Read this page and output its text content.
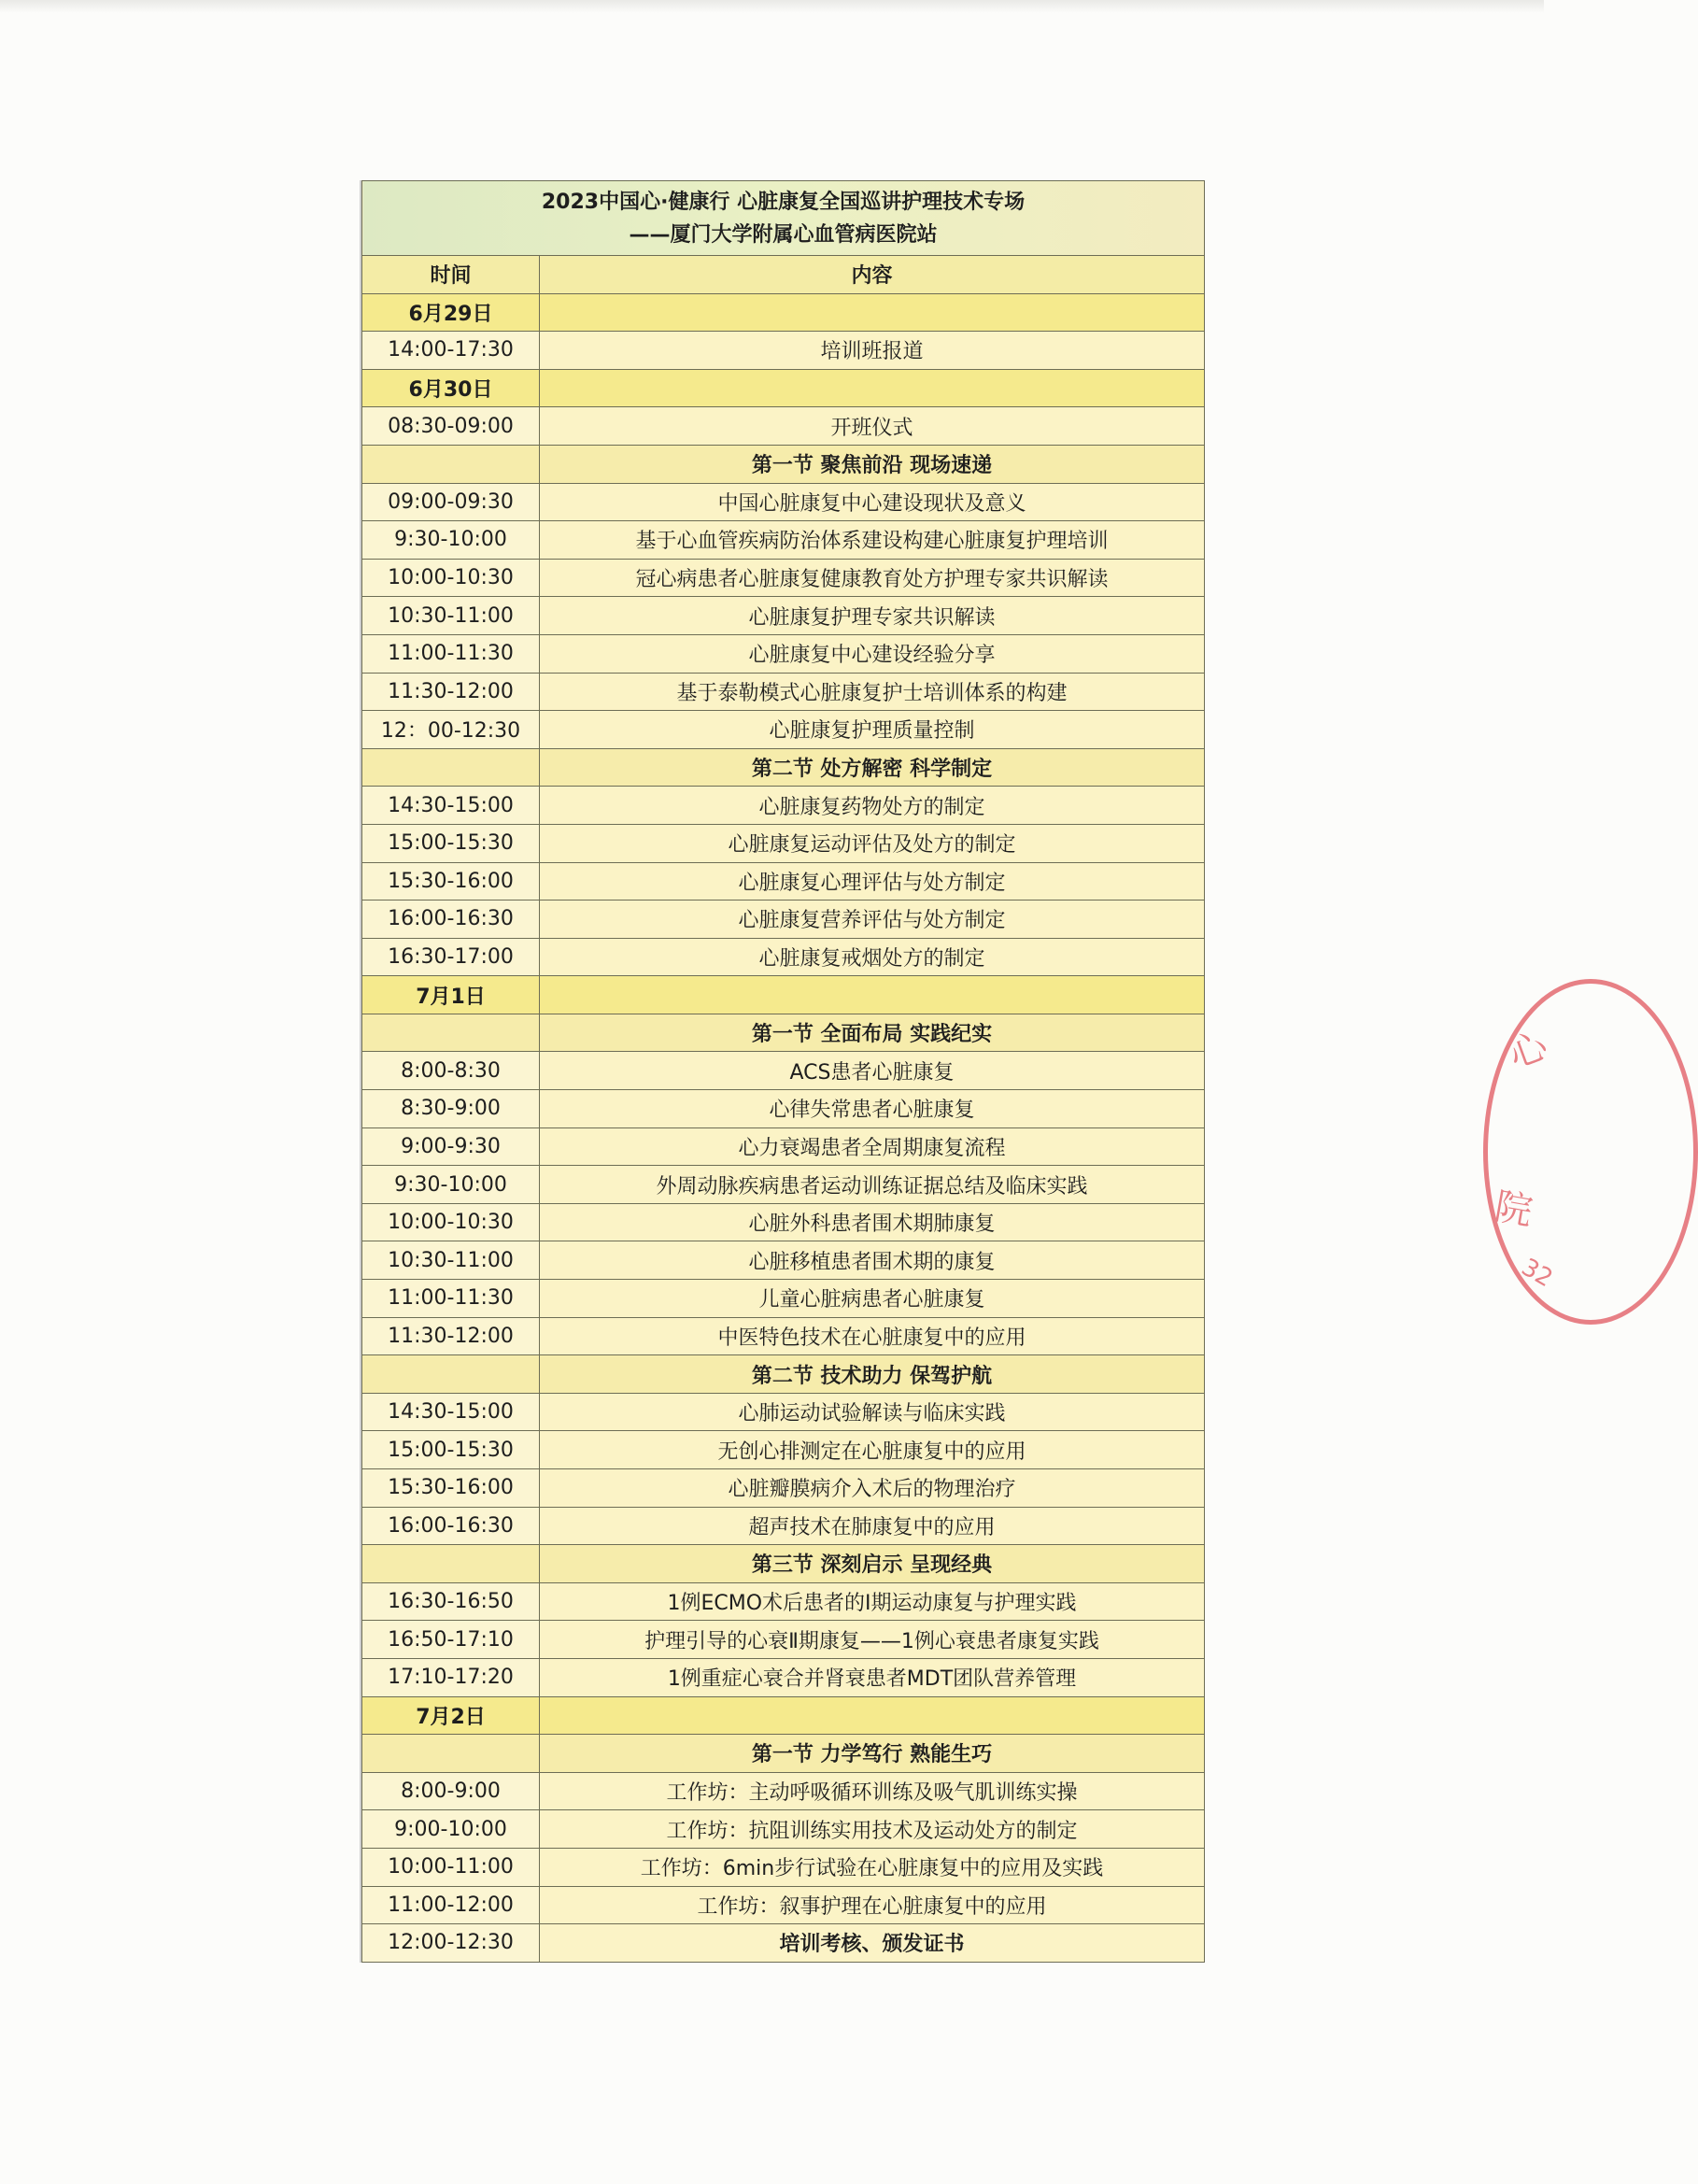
2023中国心·健康行 心脏康复全国巡讲护理技术专场
——厦门大学附属心血管病医院站	

时间	内容
6月29日	
14:00-17:30	培训班报道
6月30日	
08:30-09:00	开班仪式
	第一节 聚焦前沿 现场速递
09:00-09:30	中国心脏康复中心建设现状及意义
9:30-10:00	基于心血管疾病防治体系建设构建心脏康复护理培训
10:00-10:30	冠心病患者心脏康复健康教育处方护理专家共识解读
10:30-11:00	心脏康复护理专家共识解读
11:00-11:30	心脏康复中心建设经验分享
11:30-12:00	基于泰勒模式心脏康复护士培训体系的构建
12：00-12:30	心脏康复护理质量控制
	第二节 处方解密 科学制定
14:30-15:00	心脏康复药物处方的制定
15:00-15:30	心脏康复运动评估及处方的制定
15:30-16:00	心脏康复心理评估与处方制定
16:00-16:30	心脏康复营养评估与处方制定
16:30-17:00	心脏康复戒烟处方的制定
7月1日	
	第一节 全面布局 实践纪实
8:00-8:30	ACS患者心脏康复
8:30-9:00	心律失常患者心脏康复
9:00-9:30	心力衰竭患者全周期康复流程
9:30-10:00	外周动脉疾病患者运动训练证据总结及临床实践
10:00-10:30	心脏外科患者围术期肺康复
10:30-11:00	心脏移植患者围术期的康复
11:00-11:30	儿童心脏病患者心脏康复
11:30-12:00	中医特色技术在心脏康复中的应用
	第二节 技术助力 保驾护航
14:30-15:00	心肺运动试验解读与临床实践
15:00-15:30	无创心排测定在心脏康复中的应用
15:30-16:00	心脏瓣膜病介入术后的物理治疗
16:00-16:30	超声技术在肺康复中的应用
	第三节 深刻启示 呈现经典
16:30-16:50	1例ECMO术后患者的I期运动康复与护理实践
16:50-17:10	护理引导的心衰Ⅱ期康复——1例心衰患者康复实践
17:10-17:20	1例重症心衰合并肾衰患者MDT团队营养管理
7月2日	
	第一节 力学笃行 熟能生巧
8:00-9:00	工作坊：主动呼吸循环训练及吸气肌训练实操
9:00-10:00	工作坊：抗阻训练实用技术及运动处方的制定
10:00-11:00	工作坊：6min步行试验在心脏康复中的应用及实践
11:00-12:00	工作坊：叙事护理在心脏康复中的应用
12:00-12:30	培训考核、颁发证书
心
院
32
